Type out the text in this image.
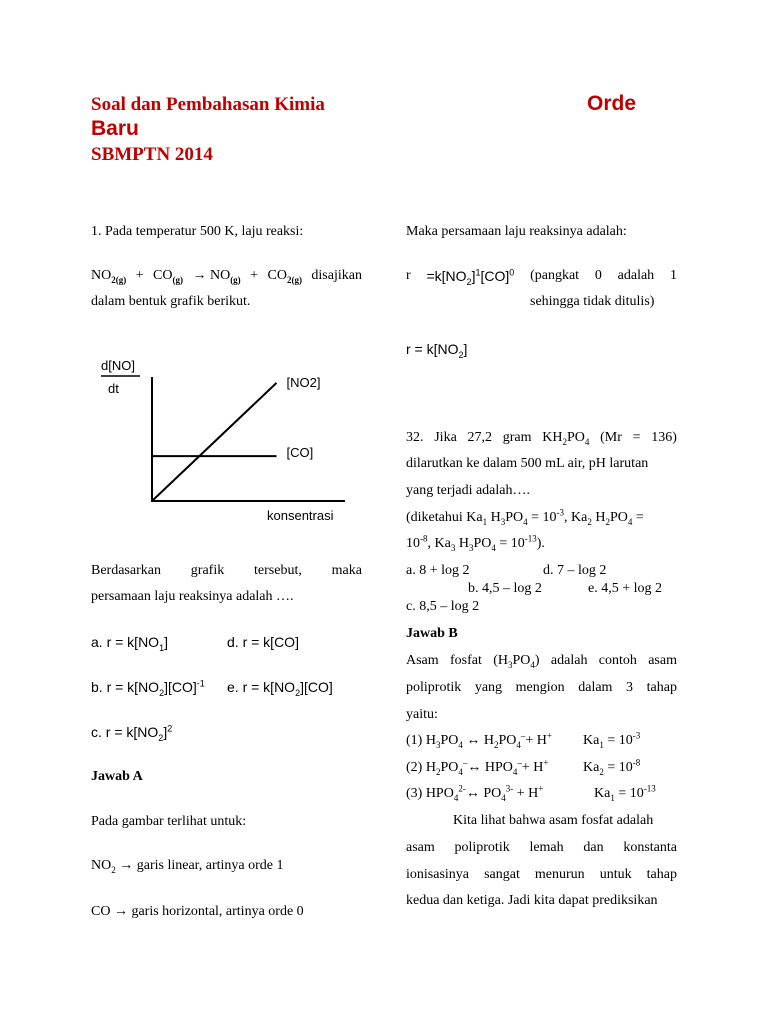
Soal dan Pembahasan Kimia	Orde
Baru
SBMPTN 2014
1. Pada temperatur 500 K, laju reaksi:
$NO_{2(g)} + CO_{(g)} \to NO_{(g)} + CO_{2(g)}$ disajikan
dalam bentuk grafik berikut.
d[NO]
dt	[NO2]
[CO]
konsentrasi
Berdasarkan grafik tersebut, maka
persamaan laju reaksinya adalah ….
a. $r = k[NO_1]$	d. r = k[CO]
b. $r = k[NO_2][CO]^{-1}$ e. $r = k[NO_2][CO]$
c. $r = k[NO_2]^2$
Jawab A
Pada gambar terlihat untuk:
$NO_2$ → garis linear, artinya orde 1
CO → garis horizontal, artinya orde 0
Maka persamaan laju reaksinya adalah:
$r =k[NO_2]^1[CO]^0$ (pangkat 0 adalah 1
sehingga tidak ditulis)
$r = k[NO_2]$
32. Jika 27,2 gram $KH_2PO_4$ (Mr = 136)
dilarutkan ke dalam 500 mL air, pH larutan
yang terjadi adalah….
(diketahui $Ka_1$ $H_3PO_4 = 10^{-3}$, $Ka_2$ $H_2PO_4$ =
$10^{-8}$, $Ka_3$ $H_3PO_4 = 10^{-13}$).
a. 8 + log 2	d. 7 – log 2
b. 4,5 – log 2	e. 4,5 + log 2
c. 8,5 – log 2
Jawab B
Asam fosfat $(H_3PO_4)$ adalah contoh asam
poliprotik yang mengion dalam 3 tahap
yaitu:
(1) $H_3PO_4$ ↔ $H_2PO_4^-+ H^+$ $Ka_1 = 10^{-3}$
(2) $H_2PO_4^-\leftrightarrow$ $HPO_4^-+ H^+$ $Ka_2 = 10^{-8}$
(3) $HPO_4^{2-}\leftrightarrow$ $PO_4^{3-} + H^+$	$Ka_1 = 10^{-13}$
Kita lihat bahwa asam fosfat adalah
asam poliprotik lemah dan konstanta
ionisasinya sangat menurun untuk tahap
kedua dan ketiga. Jadi kita dapat prediksikan
